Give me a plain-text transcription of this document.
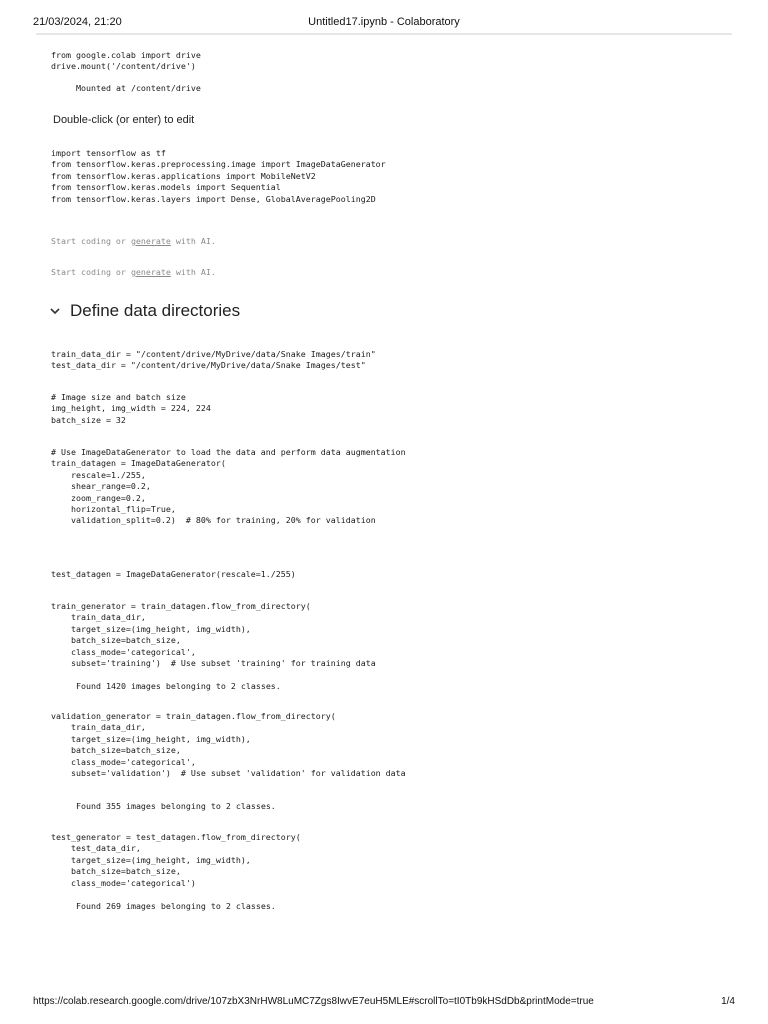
21/03/2024, 21:20	Untitled17.ipynb - Colaboratory
from google.colab import drive
drive.mount('/content/drive')
Mounted at /content/drive
Double-click (or enter) to edit
import tensorflow as tf
from tensorflow.keras.preprocessing.image import ImageDataGenerator
from tensorflow.keras.applications import MobileNetV2
from tensorflow.keras.models import Sequential
from tensorflow.keras.layers import Dense, GlobalAveragePooling2D
Start coding or generate with AI.
Start coding or generate with AI.
Define data directories
train_data_dir = "/content/drive/MyDrive/data/Snake Images/train"
test_data_dir = "/content/drive/MyDrive/data/Snake Images/test"
# Image size and batch size
img_height, img_width = 224, 224
batch_size = 32
# Use ImageDataGenerator to load the data and perform data augmentation
train_datagen = ImageDataGenerator(
rescale=1./255,
shear_range=0.2,
zoom_range=0.2,
horizontal_flip=True,
validation_split=0.2)  # 80% for training, 20% for validation
test_datagen = ImageDataGenerator(rescale=1./255)
train_generator = train_datagen.flow_from_directory(
train_data_dir,
target_size=(img_height, img_width),
batch_size=batch_size,
class_mode='categorical',
subset='training')  # Use subset 'training' for training data
Found 1420 images belonging to 2 classes.
validation_generator = train_datagen.flow_from_directory(
train_data_dir,
target_size=(img_height, img_width),
batch_size=batch_size,
class_mode='categorical',
subset='validation')  # Use subset 'validation' for validation data
Found 355 images belonging to 2 classes.
test_generator = test_datagen.flow_from_directory(
test_data_dir,
target_size=(img_height, img_width),
batch_size=batch_size,
class_mode='categorical')
Found 269 images belonging to 2 classes.
https://colab.research.google.com/drive/107zbX3NrHW8LuMC7Zgs8IwvE7euH5MLE#scrollTo=tI0Tb9kHSdDb&printMode=true	1/4
